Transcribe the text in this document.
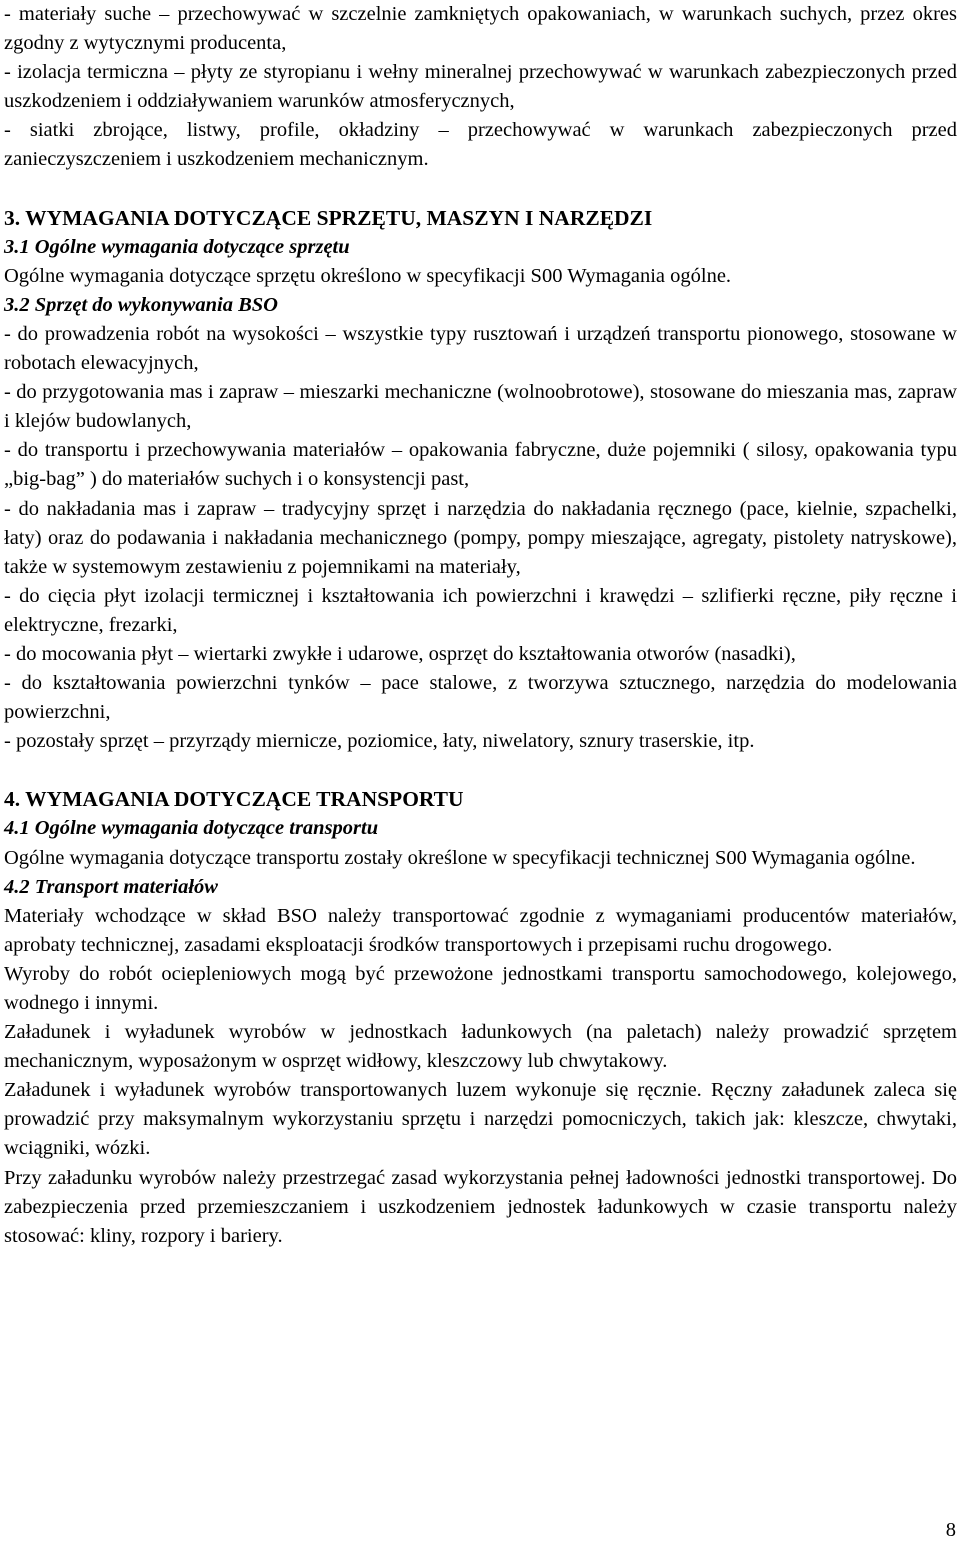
- materiały suche – przechowywać w szczelnie zamkniętych opakowaniach, w warunkach suchych, przez okres zgodny z wytycznymi producenta,

- izolacja termiczna – płyty ze styropianu i wełny mineralnej przechowywać w warunkach zabezpieczonych przed uszkodzeniem i oddziaływaniem warunków atmosferycznych,

- siatki zbrojące, listwy, profile, okładziny – przechowywać w warunkach zabezpieczonych przed zanieczyszczeniem i uszkodzeniem mechanicznym.

3. WYMAGANIA DOTYCZĄCE SPRZĘTU, MASZYN I NARZĘDZI

3.1 Ogólne wymagania dotyczące sprzętu

Ogólne wymagania dotyczące sprzętu określono w specyfikacji S00 Wymagania ogólne.

3.2 Sprzęt do wykonywania BSO

- do prowadzenia robót na wysokości – wszystkie typy rusztowań i urządzeń transportu pionowego, stosowane w robotach elewacyjnych,

- do przygotowania mas i zapraw – mieszarki mechaniczne (wolnoobrotowe), stosowane do mieszania mas, zapraw i klejów budowlanych,

- do transportu i przechowywania materiałów – opakowania fabryczne, duże pojemniki ( silosy, opakowania typu „big-bag” ) do materiałów suchych i o konsystencji past,

- do nakładania mas i zapraw – tradycyjny sprzęt i narzędzia do nakładania ręcznego (pace, kielnie, szpachelki, łaty) oraz do podawania i nakładania mechanicznego (pompy, pompy mieszające, agregaty, pistolety natryskowe), także w systemowym zestawieniu z pojemnikami na materiały,

- do cięcia płyt izolacji termicznej i kształtowania ich powierzchni i krawędzi – szlifierki ręczne, piły ręczne i elektryczne, frezarki,

- do mocowania płyt – wiertarki zwykłe i udarowe, osprzęt do kształtowania otworów (nasadki),

- do kształtowania powierzchni tynków – pace stalowe, z tworzywa sztucznego, narzędzia do modelowania powierzchni,

- pozostały sprzęt – przyrządy miernicze, poziomice, łaty, niwelatory, sznury traserskie, itp.

4. WYMAGANIA DOTYCZĄCE TRANSPORTU

4.1 Ogólne wymagania dotyczące transportu

Ogólne wymagania dotyczące transportu zostały określone w specyfikacji technicznej S00 Wymagania ogólne.

4.2 Transport materiałów

Materiały wchodzące w skład BSO należy transportować zgodnie z wymaganiami producentów materiałów, aprobaty technicznej, zasadami eksploatacji środków transportowych i przepisami ruchu drogowego.

Wyroby do robót ociepleniowych mogą być przewożone jednostkami transportu samochodowego, kolejowego, wodnego i innymi.

Załadunek i wyładunek wyrobów w jednostkach ładunkowych (na paletach) należy prowadzić sprzętem mechanicznym, wyposażonym w osprzęt widłowy, kleszczowy lub chwytakowy.

Załadunek i wyładunek wyrobów transportowanych luzem wykonuje się ręcznie. Ręczny załadunek zaleca się prowadzić przy maksymalnym wykorzystaniu sprzętu i narzędzi pomocniczych, takich jak: kleszcze, chwytaki, wciągniki, wózki.

Przy załadunku wyrobów należy przestrzegać zasad wykorzystania pełnej ładowności jednostki transportowej. Do zabezpieczenia przed przemieszczaniem i uszkodzeniem jednostek ładunkowych w czasie transportu należy stosować: kliny, rozpory i bariery.

8
